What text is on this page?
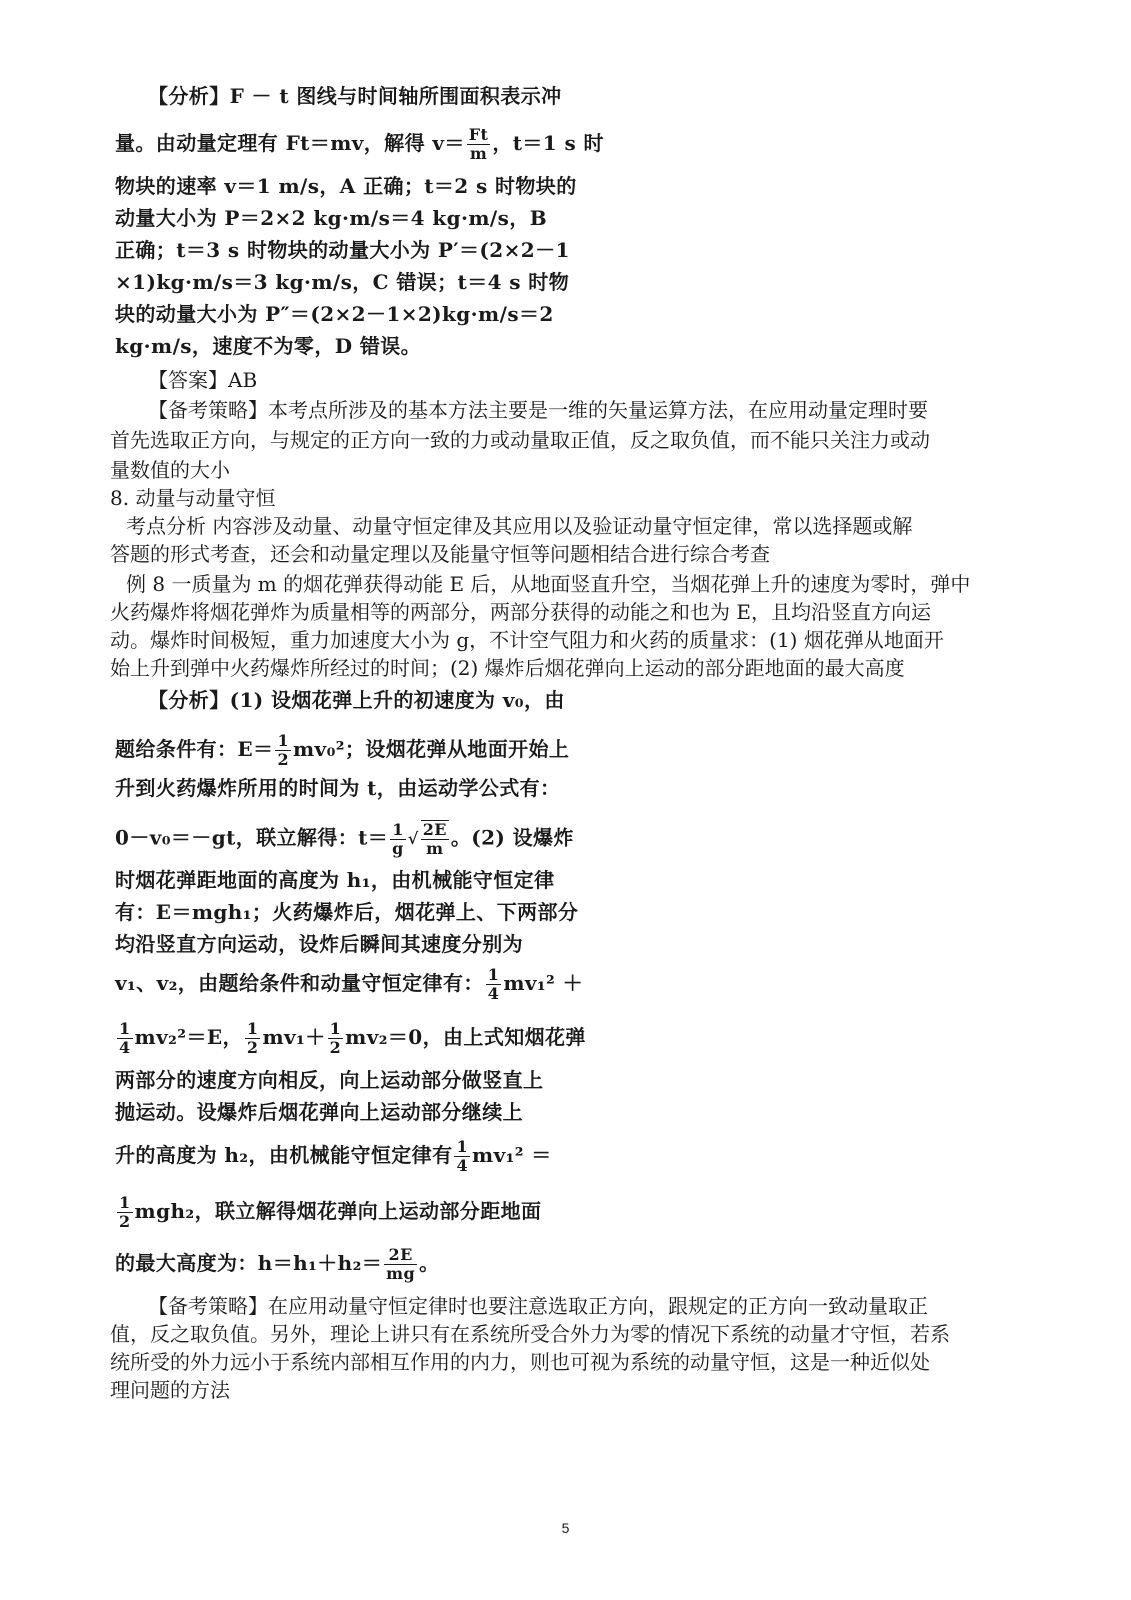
【分析】F － t 图线与时间轴所围面积表示冲
量。由动量定理有 Ft＝mv，解得 $v= \frac{Ft}{m}$ ，t＝1 s 时
物块的速率 v＝1 m/s，A 正确；t＝2 s 时物块的
动量大小为 P＝2×2 kg·m/s＝4 kg·m/s，B
正确；t＝3 s 时物块的动量大小为 P′＝(2×2－1
×1)kg·m/s＝3 kg·m/s，C 错误；t＝4 s 时物
块的动量大小为 P″＝(2×2－1×2)kg·m/s＝2
kg·m/s，速度不为零，D 错误。
【答案】AB
【备考策略】本考点所涉及的基本方法主要是一维的矢量运算方法，在应用动量定理时要
首先选取正方向，与规定的正方向一致的力或动量取正值，反之取负值，而不能只关注力或动
量数值的大小
8. 动量与动量守恒
考点分析 内容涉及动量、动量守恒定律及其应用以及验证动量守恒定律，常以选择题或解
答题的形式考查，还会和动量定理以及能量守恒等问题相结合进行综合考查
例 8 一质量为 m 的烟花弹获得动能 E 后，从地面竖直升空，当烟花弹上升的速度为零时，弹中
火药爆炸将烟花弹炸为质量相等的两部分，两部分获得的动能之和也为 E，且均沿竖直方向运
动。爆炸时间极短，重力加速度大小为 g，不计空气阻力和火药的质量求：(1) 烟花弹从地面开
始上升到弹中火药爆炸所经过的时间；(2) 爆炸后烟花弹向上运动的部分距地面的最大高度
【分析】(1) 设烟花弹上升的初速度为 v₀，由
题给条件有：$E= \frac{1}{2} mv_0^2$；设烟花弹从地面开始上
升到火药爆炸所用的时间为 t，由运动学公式有：
0－v₀＝－gt，联立解得：$t= \frac{1}{g}$ √ $\frac{2E}{m}$ 。(2) 设爆炸
时烟花弹距地面的高度为 h₁，由机械能守恒定律
有：E＝mgh₁；火药爆炸后，烟花弹上、下两部分
均沿竖直方向运动，设炸后瞬间其速度分别为
v₁、v₂，由题给条件和动量守恒定律有： $\frac{1}{4} mv_1^2$ ＋
$\frac{1}{4} mv_2^2=E$， $\frac{1}{2} mv_1+ \frac{1}{2} mv_2=0$，由上式知烟花弹
两部分的速度方向相反，向上运动部分做竖直上
抛运动。设爆炸后烟花弹向上运动部分继续上
升的高度为 h₂，由机械能守恒定律有 $\frac{1}{4} mv_1^2$ ＝
$\frac{1}{2} mgh_2$，联立解得烟花弹向上运动部分距地面
的最大高度为：$h=h_1+h_2= \frac{2E}{mg}$ 。
【备考策略】在应用动量守恒定律时也要注意选取正方向，跟规定的正方向一致动量取正
值，反之取负值。另外，理论上讲只有在系统所受合外力为零的情况下系统的动量才守恒，若系
统所受的外力远小于系统内部相互作用的内力，则也可视为系统的动量守恒，这是一种近似处
理问题的方法
5
